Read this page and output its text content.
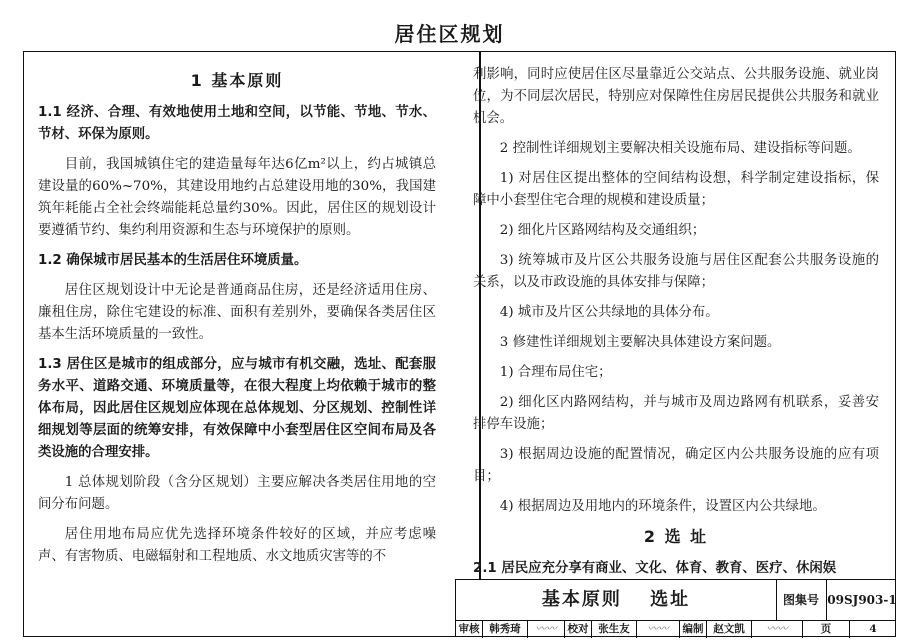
居住区规划
1 基本原则

1.1 经济、合理、有效地使用土地和空间，以节能、节地、节水、节材、环保为原则。

目前，我国城镇住宅的建造量每年达6亿m²以上，约占城镇总建设量的60%~70%，其建设用地约占总建设用地的30%，我国建筑年耗能占全社会终端能耗总量约30%。因此，居住区的规划设计要遵循节约、集约利用资源和生态与环境保护的原则。

1.2 确保城市居民基本的生活居住环境质量。

居住区规划设计中无论是普通商品住房，还是经济适用住房、廉租住房，除住宅建设的标准、面积有差别外，要确保各类居住区基本生活环境质量的一致性。

1.3 居住区是城市的组成部分，应与城市有机交融，选址、配套服务水平、道路交通、环境质量等，在很大程度上均依赖于城市的整体布局，因此居住区规划应体现在总体规划、分区规划、控制性详细规划等层面的统筹安排，有效保障中小套型居住区空间布局及各类设施的合理安排。

1 总体规划阶段（含分区规划）主要应解决各类居住用地的空间分布问题。

居住用地布局应优先选择环境条件较好的区域，并应考虑噪声、有害物质、电磁辐射和工程地质、水文地质灾害等的不

利影响，同时应使居住区尽量靠近公交站点、公共服务设施、就业岗位，为不同层次居民，特别应对保障性住房居民提供公共服务和就业机会。

2 控制性详细规划主要解决相关设施布局、建设指标等问题。

1) 对居住区提出整体的空间结构设想，科学制定建设指标，保障中小套型住宅合理的规模和建设质量；

2) 细化片区路网结构及交通组织；

3) 统筹城市及片区公共服务设施与居住区配套公共服务设施的关系，以及市政设施的具体安排与保障；

4) 城市及片区公共绿地的具体分布。

3 修建性详细规划主要解决具体建设方案问题。

1) 合理布局住宅；

2) 细化区内路网结构，并与城市及周边路网有机联系，妥善安排停车设施；

3) 根据周边设施的配置情况，确定区内公共服务设施的应有项目；

4) 根据周边及用地内的环境条件，设置区内公共绿地。

2 选 址

2.1 居民应充分享有商业、文化、体育、教育、医疗、休闲娱

基本原则　 选址	图集号 09SJ903-1
审核 韩秀琦	〰〰	校对 张生友	〰〰	编制 赵文凯	〰〰	页	4
